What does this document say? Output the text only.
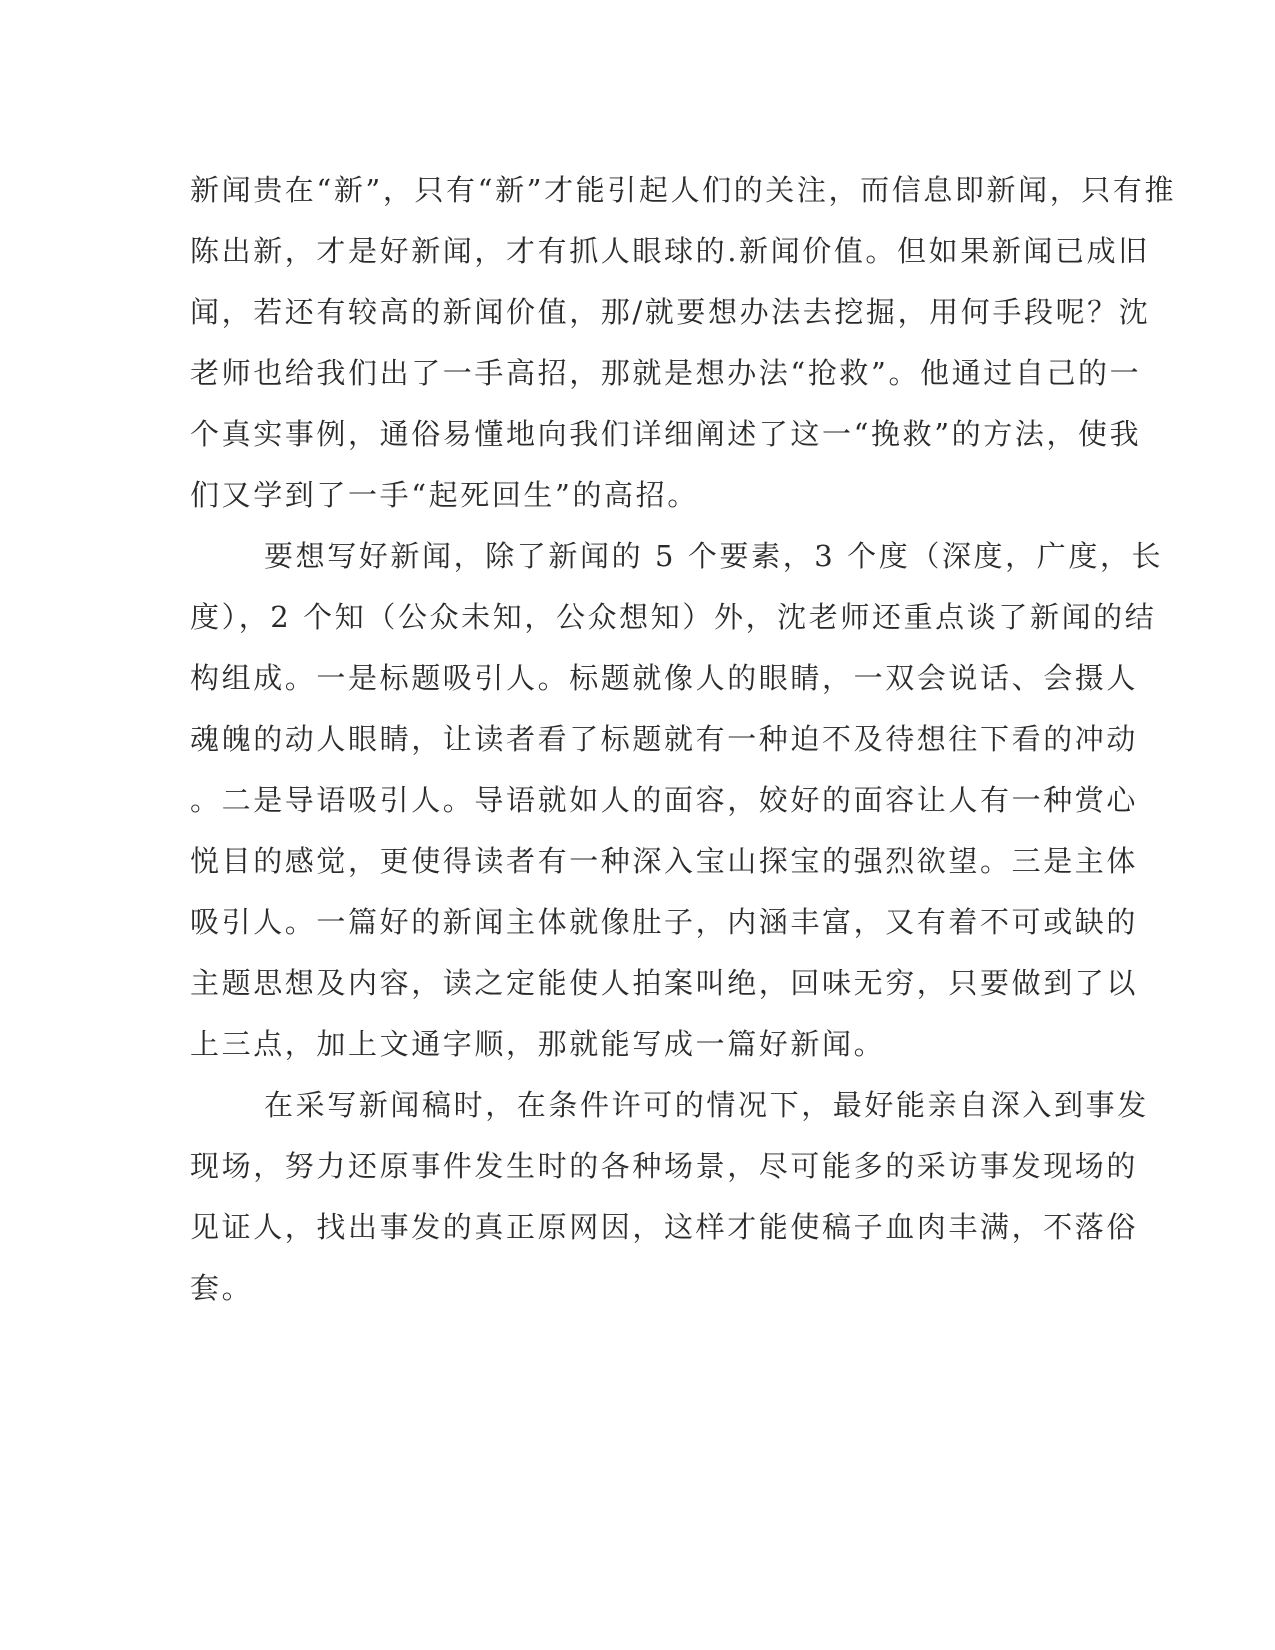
新闻贵在“新”，只有“新”才能引起人们的关注，而信息即新闻，只有推
陈出新，才是好新闻，才有抓人眼球的.新闻价值。但如果新闻已成旧
闻，若还有较高的新闻价值，那/就要想办法去挖掘，用何手段呢？沈
老师也给我们出了一手高招，那就是想办法“抢救”。他通过自己的一
个真实事例，通俗易懂地向我们详细阐述了这一“挽救”的方法，使我
们又学到了一手“起死回生”的高招。
要想写好新闻，除了新闻的 5 个要素，3 个度（深度，广度，长
度），2 个知（公众未知，公众想知）外，沈老师还重点谈了新闻的结
构组成。一是标题吸引人。标题就像人的眼睛，一双会说话、会摄人
魂魄的动人眼睛，让读者看了标题就有一种迫不及待想往下看的冲动
。二是导语吸引人。导语就如人的面容，姣好的面容让人有一种赏心
悦目的感觉，更使得读者有一种深入宝山探宝的强烈欲望。三是主体
吸引人。一篇好的新闻主体就像肚子，内涵丰富，又有着不可或缺的
主题思想及内容，读之定能使人拍案叫绝，回味无穷，只要做到了以
上三点，加上文通字顺，那就能写成一篇好新闻。
在采写新闻稿时，在条件许可的情况下，最好能亲自深入到事发
现场，努力还原事件发生时的各种场景，尽可能多的采访事发现场的
见证人，找出事发的真正原网因，这样才能使稿子血肉丰满，不落俗
套。
